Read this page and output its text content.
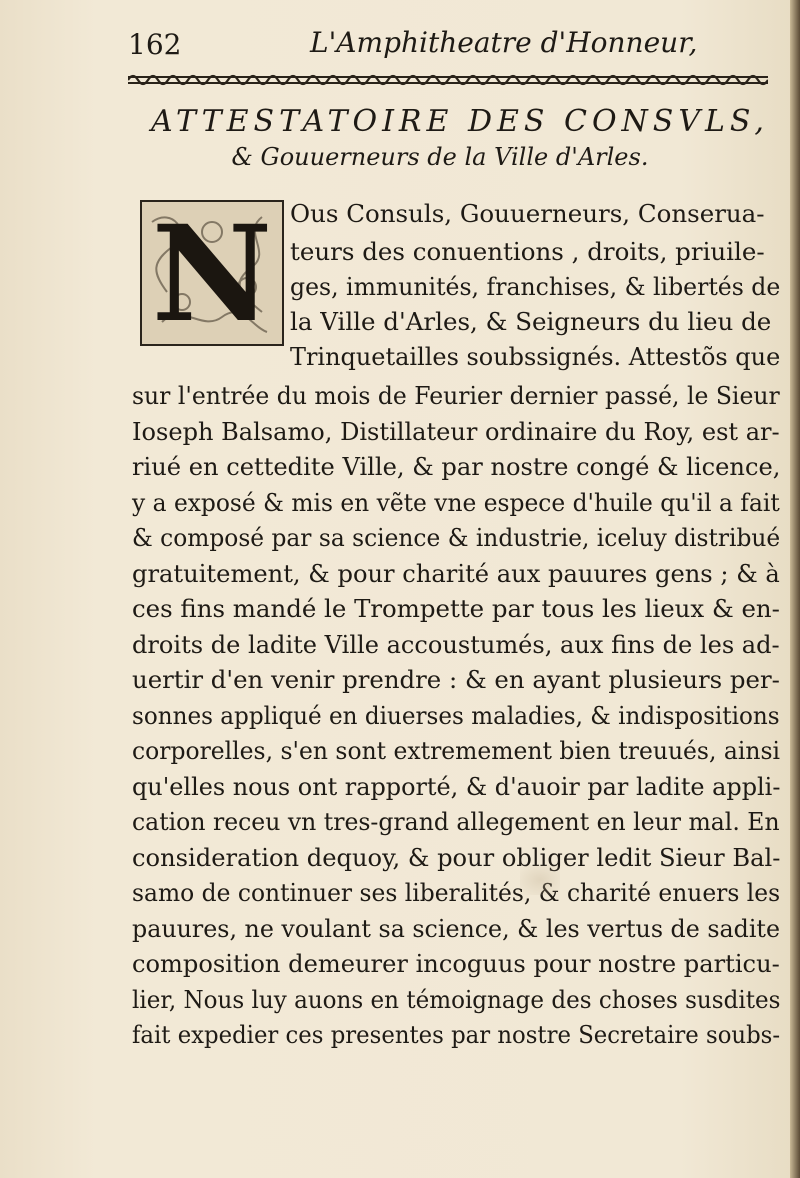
162	L'Amphitheatre d'Honneur,
ATTESTATOIRE DES CONSVLS,
& Gouuerneurs de la Ville d'Arles.
N Ous Consuls, Gouuerneurs, Conserua-
teurs des conuentions , droits, priuile-
ges, immunités, franchises, & libertés de
la Ville d'Arles, & Seigneurs du lieu de
Trinquetailles soubssignés. Attestõs que
sur l'entrée du mois de Feurier dernier passé, le Sieur
Ioseph Balsamo, Distillateur ordinaire du Roy, est ar-
riué en cettedite Ville, & par nostre congé & licence,
y a exposé & mis en vẽte vne espece d'huile qu'il a fait
& composé par sa science & industrie, iceluy distribué
gratuitement, & pour charité aux pauures gens ; & à
ces fins mandé le Trompette par tous les lieux & en-
droits de ladite Ville accoustumés, aux fins de les ad-
uertir d'en venir prendre : & en ayant plusieurs per-
sonnes appliqué en diuerses maladies, & indispositions
corporelles, s'en sont extremement bien treuués, ainsi
qu'elles nous ont rapporté, & d'auoir par ladite appli-
cation receu vn tres-grand allegement en leur mal. En
consideration dequoy, & pour obliger ledit Sieur Bal-
samo de continuer ses liberalités, & charité enuers les
pauures, ne voulant sa science, & les vertus de sadite
composition demeurer incoguus pour nostre particu-
lier, Nous luy auons en témoignage des choses susdites
fait expedier ces presentes par nostre Secretaire soubs-
